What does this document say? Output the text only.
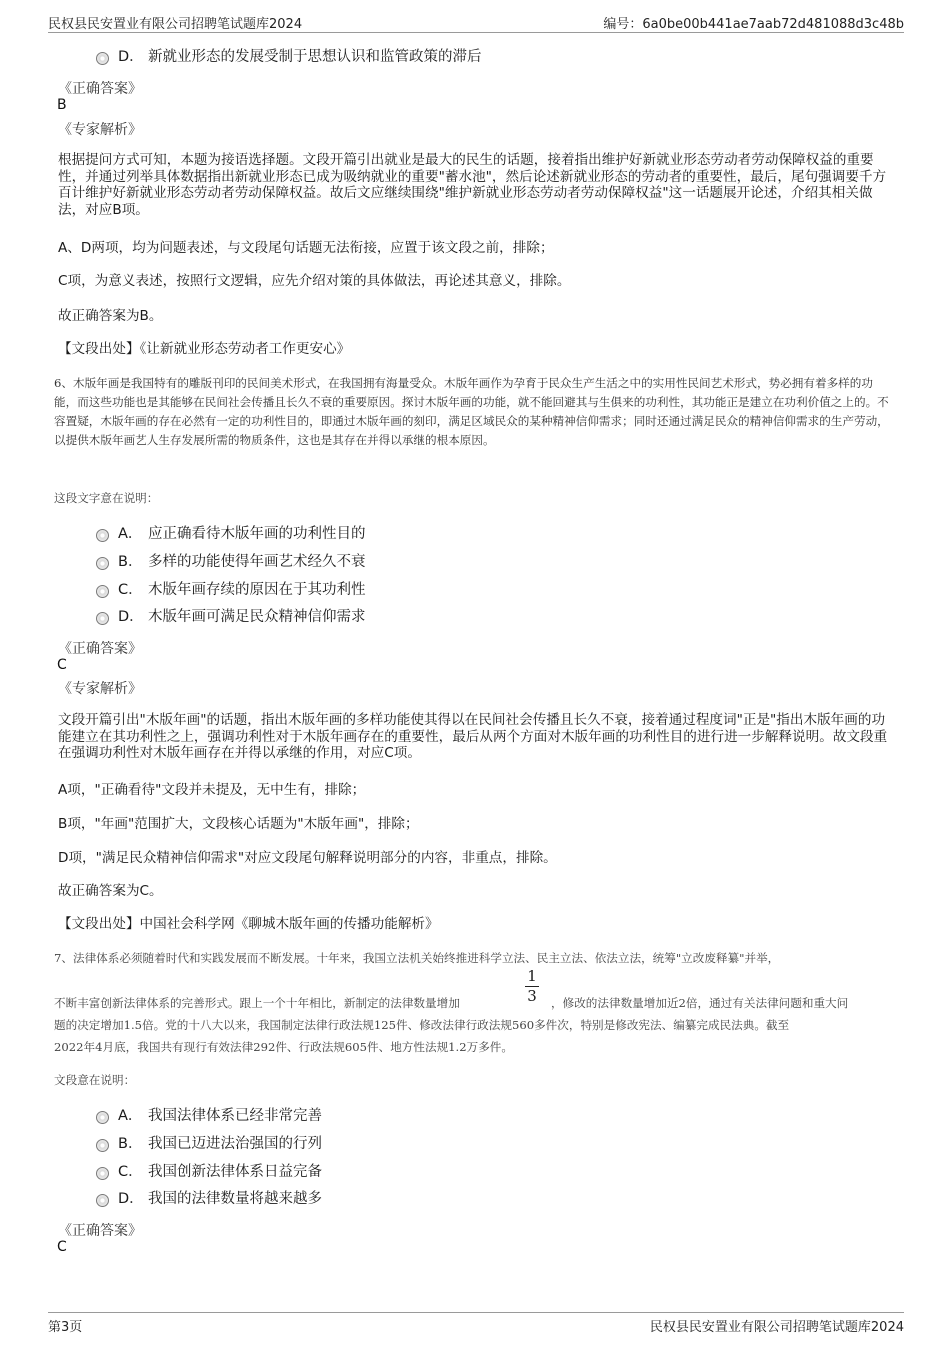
民权县民安置业有限公司招聘笔试题库2024	编号：6a0be00b441ae7aab72d481088d3c48b
D． 新就业形态的发展受制于思想认识和监管政策的滞后
《正确答案》
B
《专家解析》
根据提问方式可知，本题为接语选择题。文段开篇引出就业是最大的民生的话题，接着指出维护好新就业形态劳动者劳动保障权益的重要性，并通过列举具体数据指出新就业形态已成为吸纳就业的重要"蓄水池"，然后论述新就业形态的劳动者的重要性，最后，尾句强调要千方百计维护好新就业形态劳动者劳动保障权益。故后文应继续围绕"维护新就业形态劳动者劳动保障权益"这一话题展开论述，介绍其相关做法，对应B项。
A、D两项，均为问题表述，与文段尾句话题无法衔接，应置于该文段之前，排除；
C项，为意义表述，按照行文逻辑，应先介绍对策的具体做法，再论述其意义，排除。
故正确答案为B。
【文段出处】《让新就业形态劳动者工作更安心》
6、木版年画是我国特有的雕版刊印的民间美术形式，在我国拥有海量受众。木版年画作为孕育于民众生产生活之中的实用性民间艺术形式，势必拥有着多样的功能，而这些功能也是其能够在民间社会传播且长久不衰的重要原因。探讨木版年画的功能，就不能回避其与生俱来的功利性，其功能正是建立在功利价值之上的。不容置疑，木版年画的存在必然有一定的功利性目的，即通过木版年画的刻印，满足区域民众的某种精神信仰需求；同时还通过满足民众的精神信仰需求的生产劳动，以提供木版年画艺人生存发展所需的物质条件，这也是其存在并得以承继的根本原因。
这段文字意在说明：
A． 应正确看待木版年画的功利性目的
B． 多样的功能使得年画艺术经久不衰
C． 木版年画存续的原因在于其功利性
D． 木版年画可满足民众精神信仰需求
《正确答案》
C
《专家解析》
文段开篇引出"木版年画"的话题，指出木版年画的多样功能使其得以在民间社会传播且长久不衰，接着通过程度词"正是"指出木版年画的功能建立在其功利性之上，强调功利性对于木版年画存在的重要性，最后从两个方面对木版年画的功利性目的进行进一步解释说明。故文段重在强调功利性对木版年画存在并得以承继的作用，对应C项。
A项，"正确看待"文段并未提及，无中生有，排除；
B项，"年画"范围扩大，文段核心话题为"木版年画"，排除；
D项，"满足民众精神信仰需求"对应文段尾句解释说明部分的内容，非重点，排除。
故正确答案为C。
【文段出处】中国社会科学网《聊城木版年画的传播功能解析》
7、法律体系必须随着时代和实践发展而不断发展。十年来，我国立法机关始终推进科学立法、民主立法、依法立法，统筹"立改废释纂"并举，
1
3
不断丰富创新法律体系的完善形式。跟上一个十年相比，新制定的法律数量增加	，修改的法律数量增加近2倍，通过有关法律问题和重大问
题的决定增加1.5倍。党的十八大以来，我国制定法律行政法规125件、修改法律行政法规560多件次，特别是修改宪法、编纂完成民法典。截至
2022年4月底，我国共有现行有效法律292件、行政法规605件、地方性法规1.2万多件。
文段意在说明：
A． 我国法律体系已经非常完善
B． 我国已迈进法治强国的行列
C． 我国创新法律体系日益完备
D． 我国的法律数量将越来越多
《正确答案》
C
第3页	民权县民安置业有限公司招聘笔试题库2024
